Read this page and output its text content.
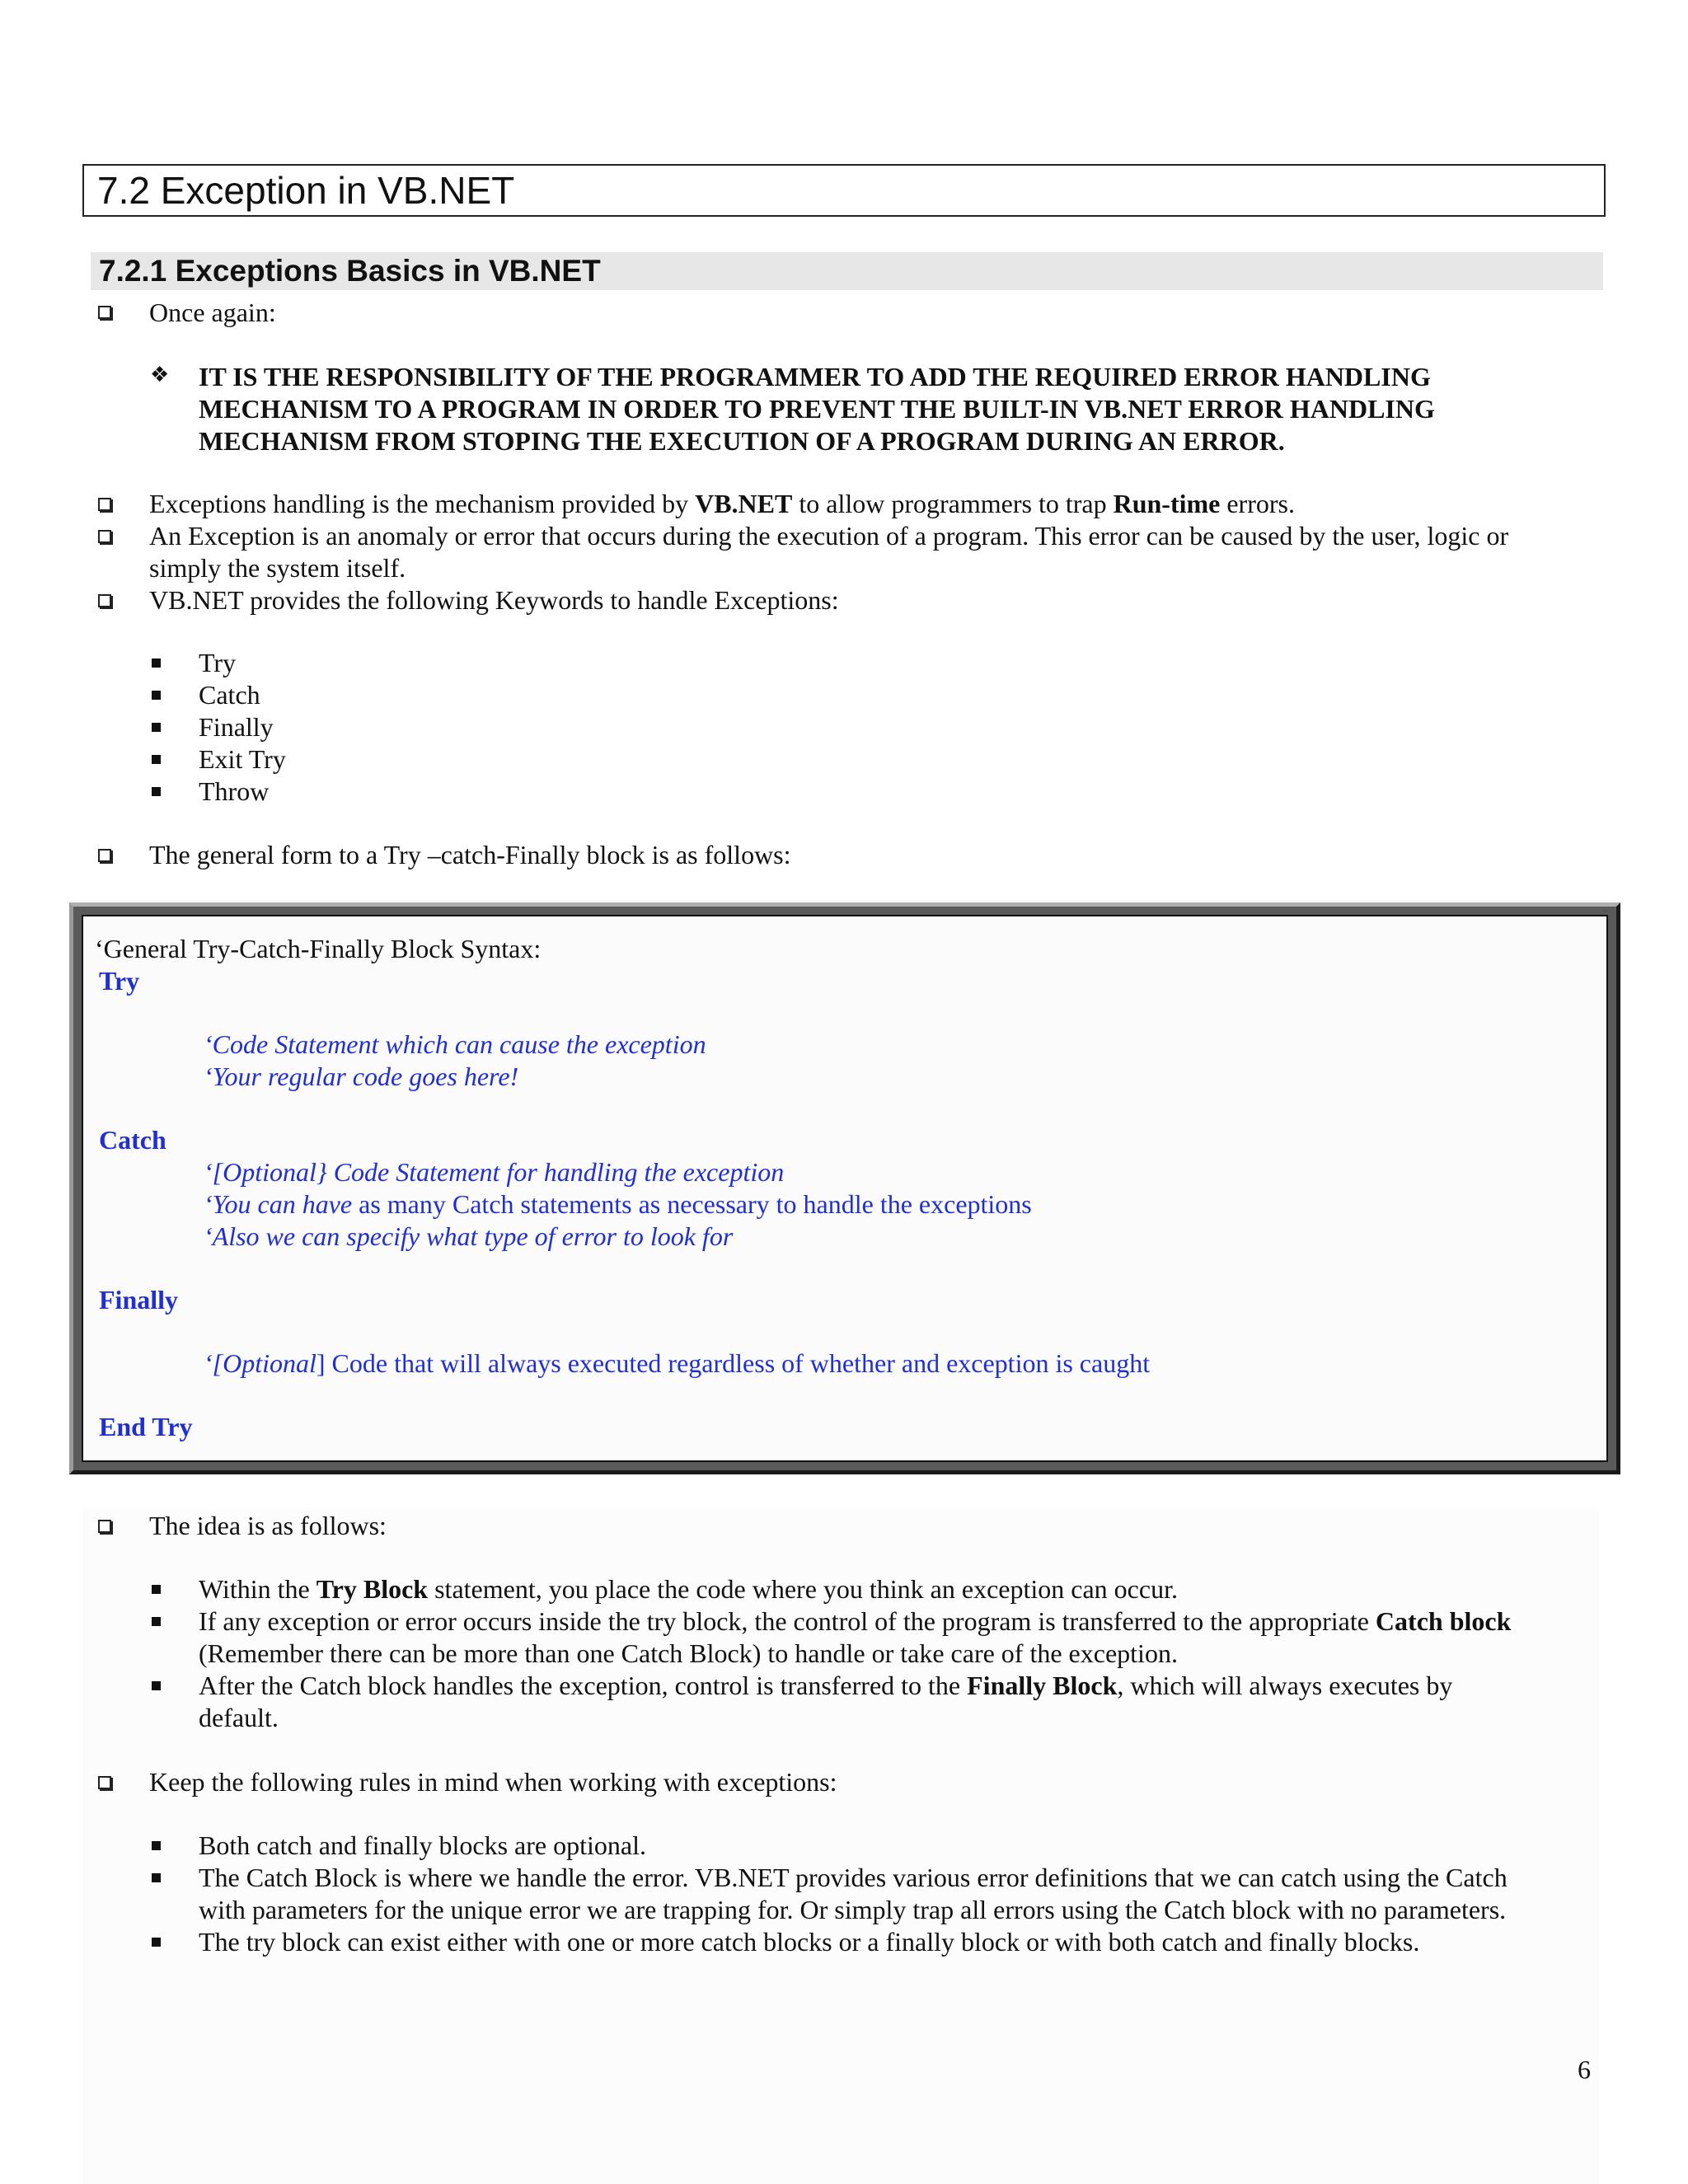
7.2 Exception in VB.NET
7.2.1 Exceptions Basics in VB.NET
Once again:
❖ IT IS THE RESPONSIBILITY OF THE PROGRAMMER TO ADD THE REQUIRED ERROR HANDLING
MECHANISM TO A PROGRAM IN ORDER TO PREVENT THE BUILT-IN VB.NET ERROR HANDLING
MECHANISM FROM STOPING THE EXECUTION OF A PROGRAM DURING AN ERROR.
Exceptions handling is the mechanism provided by VB.NET to allow programmers to trap Run-time errors.
An Exception is an anomaly or error that occurs during the execution of a program. This error can be caused by the user, logic or
simply the system itself.
VB.NET provides the following Keywords to handle Exceptions:
Try
Catch
Finally
Exit Try
Throw
The general form to a Try –catch-Finally block is as follows:
‘General Try-Catch-Finally Block Syntax:
Try
‘Code Statement which can cause the exception
‘Your regular code goes here!
Catch
‘[Optional} Code Statement for handling the exception
‘You can have as many Catch statements as necessary to handle the exceptions
‘Also we can specify what type of error to look for
Finally
‘[Optional] Code that will always executed regardless of whether and exception is caught
End Try
The idea is as follows:
Within the Try Block statement, you place the code where you think an exception can occur.
If any exception or error occurs inside the try block, the control of the program is transferred to the appropriate Catch block
(Remember there can be more than one Catch Block) to handle or take care of the exception.
After the Catch block handles the exception, control is transferred to the Finally Block, which will always executes by
default.
Keep the following rules in mind when working with exceptions:
Both catch and finally blocks are optional.
The Catch Block is where we handle the error. VB.NET provides various error definitions that we can catch using the Catch
with parameters for the unique error we are trapping for. Or simply trap all errors using the Catch block with no parameters.
The try block can exist either with one or more catch blocks or a finally block or with both catch and finally blocks.
6
